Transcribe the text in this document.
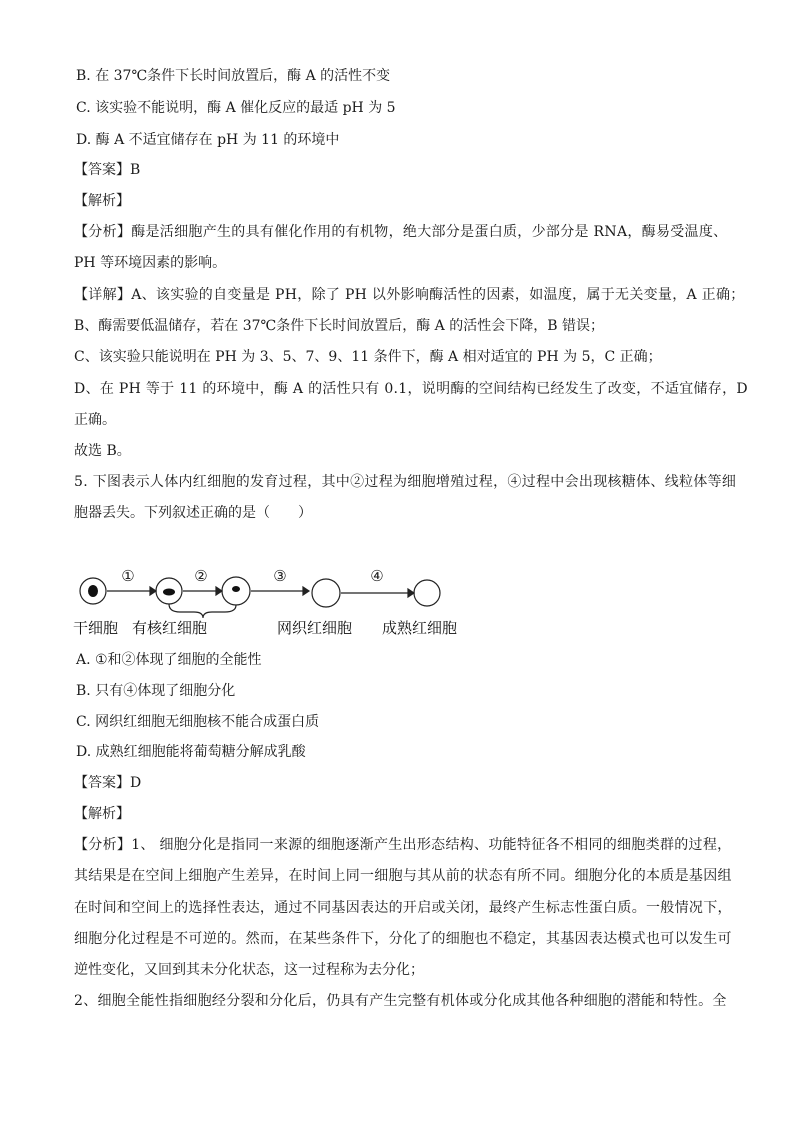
B. 在 37℃条件下长时间放置后，酶 A 的活性不变
C. 该实验不能说明，酶 A 催化反应的最适 pH 为 5
D. 酶 A 不适宜储存在 pH 为 11 的环境中
【答案】B
【解析】
【分析】酶是活细胞产生的具有催化作用的有机物，绝大部分是蛋白质，少部分是 RNA，酶易受温度、
PH 等环境因素的影响。
【详解】A、该实验的自变量是 PH，除了 PH 以外影响酶活性的因素，如温度，属于无关变量，A 正确；
B、酶需要低温储存，若在 37℃条件下长时间放置后，酶 A 的活性会下降，B 错误；
C、该实验只能说明在 PH 为 3、5、7、9、11 条件下，酶 A 相对适宜的 PH 为 5，C 正确；
D、在 PH 等于 11 的环境中，酶 A 的活性只有 0.1，说明酶的空间结构已经发生了改变，不适宜储存，D
正确。
故选 B。
5. 下图表示人体内红细胞的发育过程，其中②过程为细胞增殖过程，④过程中会出现核糖体、线粒体等细
胞器丢失。下列叙述正确的是（　　）
①	②	③	④
干细胞 有核红细胞	网织红细胞 成熟红细胞
A. ①和②体现了细胞的全能性
B. 只有④体现了细胞分化
C. 网织红细胞无细胞核不能合成蛋白质
D. 成熟红细胞能将葡萄糖分解成乳酸
【答案】D
【解析】
【分析】1、 细胞分化是指同一来源的细胞逐渐产生出形态结构、功能特征各不相同的细胞类群的过程，
其结果是在空间上细胞产生差异，在时间上同一细胞与其从前的状态有所不同。细胞分化的本质是基因组
在时间和空间上的选择性表达，通过不同基因表达的开启或关闭，最终产生标志性蛋白质。一般情况下，
细胞分化过程是不可逆的。然而，在某些条件下，分化了的细胞也不稳定，其基因表达模式也可以发生可
逆性变化，又回到其未分化状态，这一过程称为去分化；
2、细胞全能性指细胞经分裂和分化后，仍具有产生完整有机体或分化成其他各种细胞的潜能和特性。全
